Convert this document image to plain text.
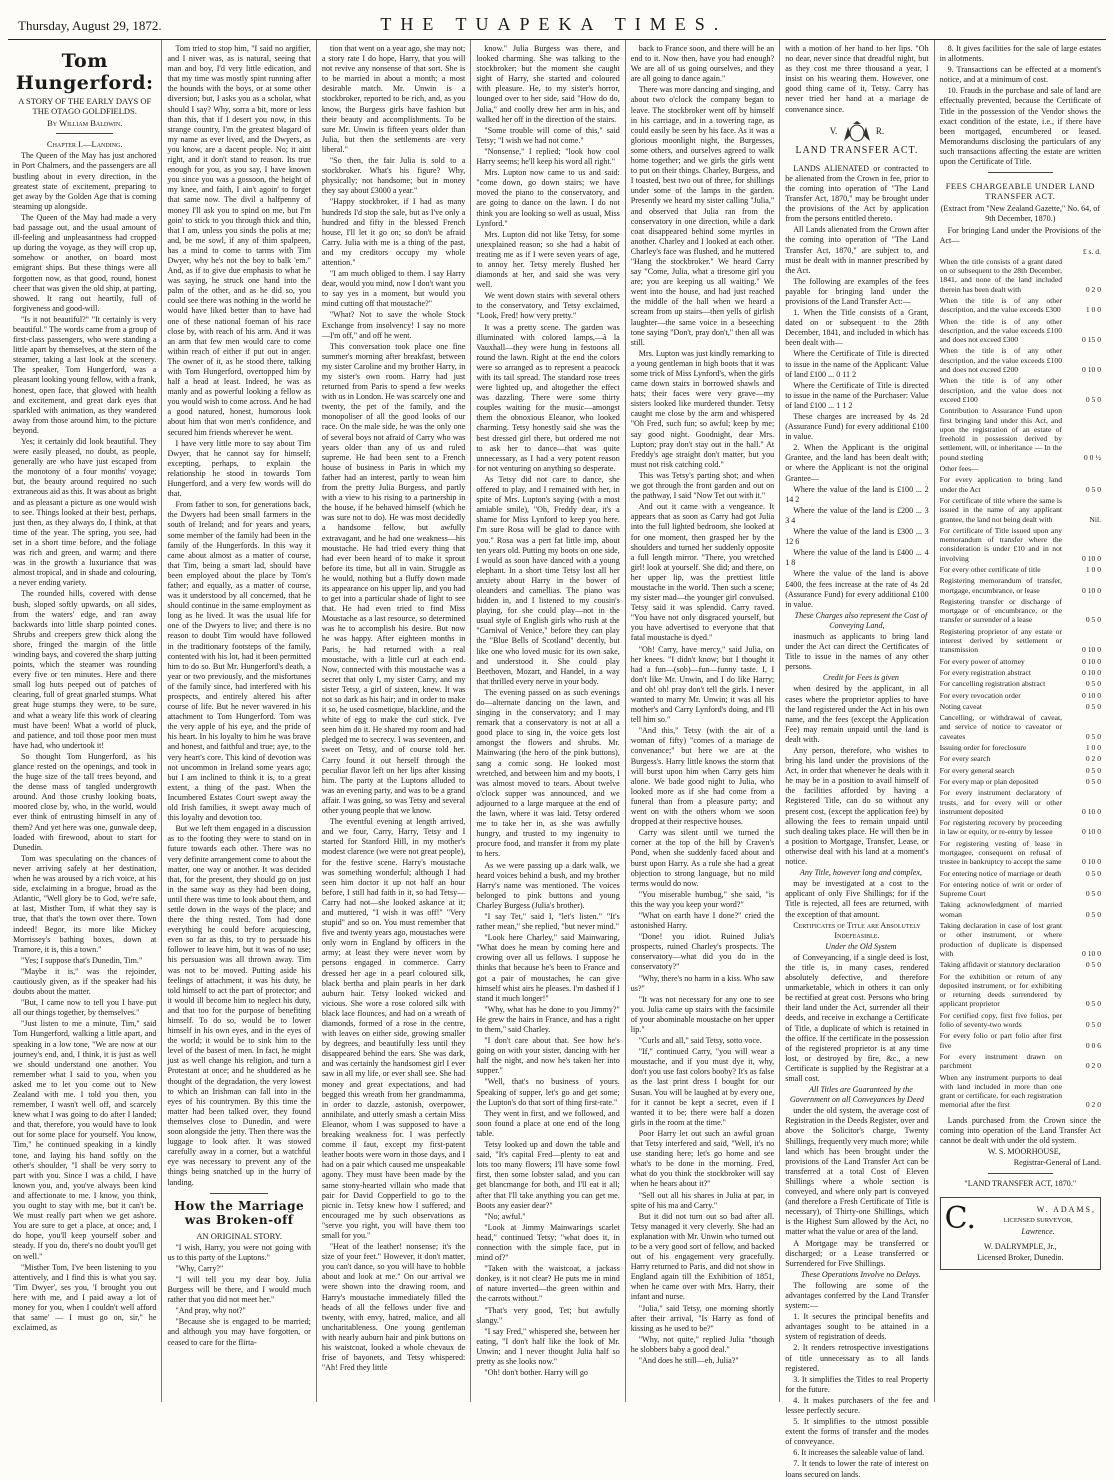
Thursday, August 29, 1872.	THE TUAPEKA TIMES.
Tom Hungerford:
A STORY OF THE EARLY DAYS OF THE OTAGO GOLDFIELDS.
By William Baldwin.
Chapter I.—Landing.

The Queen of the May has just anchored in Port Chalmers, and the passengers are all bustling about in every direction, in the greatest state of excitement, preparing to get away by the Golden Age that is coming steaming up alongside.

The Queen of the May had made a very bad passage out, and the usual amount of ill-feeling and unpleasantness had cropped up during the voyage, as they will crop up, somehow or another, on board most emigrant ships. But these things were all forgotten now, as that good, round, honest cheer that was given the old ship, at parting, showed. It rang out heartily, full of forgiveness and good-will.

"Is it not beautiful?" "It certainly is very beautiful." The words came from a group of first-class passengers, who were standing a little apart by themselves, at the stern of the steamer, taking a last look at the scenery. The speaker, Tom Hungerford, was a pleasant looking young fellow, with a frank, honest, open face, that glowed with health and excitement, and great dark eyes that sparkled with animation, as they wandered away from those around him, to the picture beyond.

Yes; it certainly did look beautiful. They were easily pleased, no doubt, as people, generally are who have just escaped from the monotony of a four months' voyage; but, the beauty around required no such extraneous aid as this. It was about as bright and as pleasant a picture as one would wish to see. Things looked at their best, perhaps, just then, as they always do, I think, at that time of the year. The spring, you see, had set in a short time before, and the foliage was rich and green, and warm; and there was in the growth a luxuriance that was almost tropical, and in shade and colouring, a never ending variety.

The rounded hills, covered with dense bush, sloped softly upwards, on all sides, from the waters' edge, and ran away backwards into little sharp pointed cones. Shrubs and creepers grew thick along the shore, fringed the margin of the little winding bays, and covered the sharp jutting points, which the steamer was rounding every five or ten minutes. Here and there small log huts peeped out of patches of clearing, full of great gnarled stumps. What great huge stumps they were, to be sure, and what a weary life this work of clearing must have been! What a world of pluck, and patience, and toil those poor men must have had, who undertook it!

So thought Tom Hungerford, as his glance rested on the openings, and took in the huge size of the tall trees beyond, and the dense mass of tangled undergrowth around. And those crushy looking boats, moored close by, who, in the world, would ever think of entrusting himself in any of them? And yet here was one, gunwale deep, loaded with firewood, about to start for Dunedin.

Tom was speculating on the chances of never arriving safely at her destination, when he was aroused by a rich voice, at his side, exclaiming in a brogue, broad as the Atlantic, "Well glory be to God, we're safe, at last, Misther Tom, if what they say is true, that that's the town over there. Town indeed! Begor, its more like Mickey Morrissey's bathing boxes, down at Tramore, it is, this a town."

"Yes; I suppose that's Dunedin, Tim."

"Maybe it is," was the rejoinder, cautiously given, as if the speaker had his doubts about the matter.

"But, I came now to tell you I have put all our things together, by themselves."

"Just listen to me a minute, Tim," said Tom Hungerford, walking a little apart, and speaking in a low tone, "We are now at our journey's end, and, I think, it is just as well we should understand one another. You remember what I said to you, when you asked me to let you come out to New Zealand with me. I told you then, you remember, I wasn't well off, and scarcely knew what I was going to do after I landed; and that, therefore, you would have to look out for some place for yourself. You know, Tim," he continued speaking in a kindly tone, and laying his hand softly on the other's shoulder, "I shall be very sorry to part with you. Since I was a child, I have known you, and, you've always been kind and affectionate to me. I know, you think, you ought to stay with me, but it can't be. We must really part when we get ashore. You are sure to get a place, at once; and, I do hope, you'll keep yourself sober and steady. If you do, there's no doubt you'll get on well."

"Misther Tom, I've been listening to you attentively, and I find this is what you say. 'Tim Dwyer', ses you, 'I brought you out here with me, and I paid away a lot of money for you, when I couldn't well afford that same' — I must go on, sir," he exclaimed, as

Tom tried to stop him, "I said no argifier, and I niver was, as is natural, seeing that man and boy, I'd very little edication, and that my time was mostly spint running after the hounds with the boys, or at some other diversion; but, I asks you as a scholar, what should I say? Why, sorra a bit, more or less than this, that if I desert you now, in this strange country, I'm the greatest blagard of my name as ever lived, and the Dwyers, as you know, are a dacent people. No; it aint right, and it don't stand to reason. Its true enough for you, as you say, I have known you since you was a gossoon, the height of my knee, and faith, I ain't agoin' to forget that same now. The divil a halfpenny of money I'll ask you to spind on me, but I'm goin' to stick to you through thick and thin, that I am, unless you sinds the polis at me; and, be me sowl, if any of thim spalpeen, has a mind to come to tarms with Tim Dwyer, why he's not the boy to balk 'em." And, as if to give due emphasis to what he was saying, he struck one hand into the palm of the other, and as he did so, you could see there was nothing in the world he would have liked better than to have had one of these national foeman of his race close by, with reach of his arm. And it was an arm that few men would care to come within reach of either if put out in anger. The owner of it, as he stood there, talking with Tom Hungerford, overtopped him by half a head at least. Indeed, he was as manly and as powerful looking a fellow as you would wish to come across. And he had a good natured, honest, humorous look about him that won men's confidence, and secured him friends wherever he went.

I have very little more to say about Tim Dwyer, that he cannot say for himself; excepting, perhaps, to explain the relationship he stood in towards Tom Hungerford, and a very few words will do that.

From father to son, for generations back, the Dwyers had been small farmers in the south of Ireland; and for years and years, some member of the family had been in the family of the Hungerfords. In this way it came about almost as a matter of course, that Tim, being a smart lad, should have been employed about the place by Tom's father; and equally, as a matter of course, was it understood by all concerned, that he should continue in the same employment as long as he lived. It was the usual life for one of the Dwyers to live; and there is no reason to doubt Tim would have followed in the traditionary footsteps of the family, contented with his lot, had it been permitted him to do so. But Mr. Hungerford's death, a year or two previously, and the misfortunes of the family since, had interfered with his prospects, and entirely altered his after course of life. But he never wavered in his attachment to Tom Hungerford. Tom was the very apple of his eye, and the pride of his heart. In his loyalty to him he was brave and honest, and faithful and true; aye, to the very heart's core. This kind of devotion was not uncommon in Ireland some years ago; but I am inclined to think it is, to a great extent, a thing of the past. When the Incumbered Estates Court swept away the old Irish families, it swept away much of this loyalty and devotion too.

But we left them engaged in a discussion as to the footing they were to stand on in future towards each other. There was no very definite arrangement come to about the matter, one way or another. It was decided that, for the present, they should go on just in the same way as they had been doing, until there was time to look about them, and settle down in the ways of the place; and there the thing rested. Tom had done everything he could before acquiescing, even so far as this, to try to persuade his follower to leave him, but it was of no use; his persuasion was all thrown away. Tim was not to be moved. Putting aside his feelings of attachment, it was his duty, he told himself to act the part of protector; and it would ill become him to neglect his duty, and that too for the purpose of benefiting himself. To do so, would be to lower himself in his own eyes, and in the eyes of the world; it would be to sink him to the level of the basest of men. In fact, he might just as well change his religion, and turn a Protestant at once; and he shuddered as he thought of the degradation, the very lowest to which an Irishman can fall into in the eyes of his countrymen. By this time the matter had been talked over, they found themselves close to Dunedin, and were soon alongside the jetty. Then there was the luggage to look after. It was stowed carefully away in a corner, but a watchful eye was necessary to prevent any of the things being snatched up in the hurry of landing.

How the Marriage was Broken-off
AN ORIGINAL STORY.

"I wish, Harry, you were not going with us to this party of the Luptons."

"Why, Carry?"

"I will tell you my dear boy. Julia Burgess will be there, and I would much rather that you did not meet her."

"And pray, why not?"

"Because she is engaged to be married; and although you may have forgotten, or ceased to care for the flirta-

tion that went on a year ago, she may not; a story rate I do hope, Harry, that you will not revive any nonsense of that sort. She is to be married in about a month; a most desirable match. Mr. Unwin is a stockbroker, reported to be rich, and, as you know, the Burgess girls have fashion but their beauty and accomplishments. To be sure Mr. Unwin is fifteen years older than Julia, but then the settlements are very liberal."

"So then, the fair Julia is sold to a stockbroker. What's his figure? Why, physically; not handsome; but in money they say about £3000 a year."

"Happy stockbroker, if I had as many hundreds I'd stop the sale, but as I've only a hundred and fifty in the blessed French house, I'll let it go on; so don't be afraid Carry. Julia with me is a thing of the past, and my creditors occupy my whole attention."

"I am much obliged to them. I say Harry dear, would you mind, now I don't want you to say yes in a moment, but would you mind cutting off that moustache?"

"What? Not to save the whole Stock Exchange from insolvency! I say no more—I'm off," and off he went.

This conversation took place one fine summer's morning after breakfast, between my sister Caroline and my brother Harry, in my sister's own room. Harry had just returned from Paris to spend a few weeks with us in London. He was scarcely one and twenty, the pet of the family, and the monopoliser of all the good looks of our race. On the male side, he was the only one of several boys not afraid of Carry who was years older than any of us and ruled supreme. He had been sent to a French house of business in Paris in which my father had an interest, partly to wean him from the pretty Julia Burgess, and partly with a view to his rising to a partnership in the house, if he behaved himself (which he was sure not to do). He was most decidedly a handsome fellow, but awfully extravagant, and he had one weakness—his moustache. He had tried every thing that had ever been heard of to make it sprout before its time, but all in vain. Struggle as he would, nothing but a fluffy down made its appearance on his upper lip, and you had to get into a particular shade of light to see that. He had even tried to find Miss Moustache as a last resource, so determined was he to accomplish his desire. But now he was happy. After eighteen months in Paris, he had returned with a real moustache, with a little curl at each end. Now, connected with this moustache was a secret that only I, my sister Carry, and my sister Tetsy, a girl of sixteen, knew. It was not so dark as his hair; and in order to make it so, he used cosmetique, blackline, and the white of egg to make the curl stick. I've seen him do it. He shared my room and had pledged me to secrecy. I was seventeen, and sweet on Tetsy, and of course told her. Carry found it out herself through the peculiar flavor left on her lips after kissing him. The party at the Luptons alluded to was an evening party, and was to be a grand affair. I was going, so was Tetsy and several other young people that we know.

The eventful evening at length arrived, and we four, Carry, Harry, Tetsy and I started for Stanford Hill, in my mother's modest clarence (we were not great people), for the festive scene. Harry's moustache was something wonderful; although I had seen him doctor it up not half an hour before, I still had faith in it, so had Tetsy—Carry had not—she looked askance at it; and muttered, "I wish it was off!" "Very stupid" and so on. You must remember that five and twenty years ago, moustaches were only worn in England by officers in the army; at least they were never worn by persons engaged in commerce. Carry dressed her age in a pearl coloured silk, black bertha and plain pearls in her dark auburn hair. Tetsy looked wicked and vicious. She wore a rose colored silk with black lace flounces, and had on a wreath of diamonds, formed of a rose in the centre, with leaves on either side, growing smaller by degrees, and beautifully less until they disappeared behind the ears. She was dark, and was certainly the handsomest girl I ever saw in all my life, or ever shall see. She had money and great expectations, and had begged this wreath from her grandmamma, in order to dazzle, astonish, overpower, annihilate, and utterly smash a certain Miss Eleanor, whom I was supposed to have a breaking weakness for. I was perfectly comme il faut, except my first-patent leather boots were worn in those days, and I had on a pair which caused me unspeakable agony. They must have been made by the same stony-hearted villain who made that pair for David Copperfield to go to the picnic in. Tetsy knew how I suffered, and encouraged me by such observations as "serve you right, you will have them too small for you."

"Heat of the leather! nonsense; it's the size of your feet." However, it don't matter, you can't dance, so you will have to hobble about and look at me." On our arrival we were shown into the drawing room, and Harry's moustache immediately filled the heads of all the fellows under five and twenty, with envy, hatred, malice, and all uncharitableness. One young gentleman with nearly auburn hair and pink buttons on his waistcoat, looked a whole chevaux de frise of bayonets, and Tetsy whispered: "Ah! Fred they little

know." Julia Burgess was there, and looked charming. She was talking to the stockbroker; but the moment she caught sight of Harry, she started and coloured with pleasure. He, to my sister's horror, lounged over to her side, said "How do do, Julia," and coolly drew her arm in his, and walked her off in the direction of the stairs.

"Some trouble will come of this," said Tetsy; "I wish we had not come."

"Nonsense," I replied; "look how cool Harry seems; he'll keep his word all right."

Mrs. Lupton now came to us and said: "come down, go down stairs; we have moved the piano to the conservatory, and are going to dance on the lawn. I do not think you are looking so well as usual, Miss Lynford."

Mrs. Lupton did not like Tetsy, for some unexplained reason; so she had a habit of treating me as if I were seven years of age, to annoy her. Tetsy merely flushed her diamonds at her, and said she was very well.

We went down stairs with several others to the conservatory, and Tetsy exclaimed, "Look, Fred! how very pretty."

It was a pretty scene. The garden was illuminated with colored lamps,—à la Vauxhall—they were hung in festoons all round the lawn. Right at the end the colors were so arranged as to represent a peacock with its tail spread. The standard rose trees were lighted up, and altogether the effect was dazzling. There were some thirty couples waiting for the music—amongst them the obnoxious Eleanor, who looked charming. Tetsy honestly said she was the best dressed girl there, but ordered me not to ask her to dance—that was quite unnecessary, as I had a very potent reason for not venturing on anything so desperate.

As Tetsy did not care to dance, she offered to play, and I remained with her, in spite of Mrs. Lupton's saying (with a most amiable smile), "Oh, Freddy dear, it's a shame for Miss Lynford to keep you here. I'm sure Rosa will be glad to dance with you." Rosa was a pert fat little imp, about ten years old. Putting my boots on one side, I would as soon have danced with a young elephant. In a short time Tetsy lost all her anxiety about Harry in the bower of oleanders and camellias. The piano was hidden in, and I listened to my cousin's playing, for she could play—not in the usual style of English girls who rush at the "Carnival of Venice," before they can play the "Blue Bells of Scotland" decently, but like one who loved music for its own sake, and understood it. She could play Beethoven, Mozart, and Handel, in a way that thrilled every nerve in your body.

The evening passed on as such evenings do—alternate dancing on the lawn, and singing in the conservatory; and I may remark that a conservatory is not at all a good place to sing in, the voice gets lost amongst the flowers and shrubs. Mr. Mainwaring (the hero of the pink buttons), sang a comic song. He looked most wretched, and between him and my boots, I was almost moved to tears. About twelve o'clock supper was announced, and we adjourned to a large marquee at the end of the lawn, where it was laid. Tetsy ordered me to take her in, as she was awfully hungry, and trusted to my ingenuity to procure food, and transfer it from my plate to hers.

As we were passing up a dark walk, we heard voices behind a bush, and my brother Harry's name was mentioned. The voices belonged to pink buttons and young Charley Burgess (Julia's brother).

"I say Tet," said I, "let's listen." "It's rather mean," she replied, "but never mind."

"Look here Charley," said Mainwaring, "What does he mean by coming here and crowing over all us fellows. I suppose he thinks that because he's been to France and got a pair of moustaches, he can give himself whist airs he pleases. I'm dashed if I stand it much longer!"

"Why, what has he done to you Jimmy?" He grew the hairs in France, and has a right to them," said Charley.

"I don't care about that. See how he's going on with your sister, dancing with her half the night, and now he's taken her into supper."

"Well, that's no business of yours. Speaking of supper, let's go and get some; the Lupton's do that sort of thing first-rate."

They went in first, and we followed, and soon found a place at one end of the long table.

Tetsy looked up and down the table and said, "It's capital Fred—plenty to eat and lots too many flowers; I'll have some fowl first, then some lobster salad, and you can get blancmange for both, and I'll eat it all; after that I'll take anything you can get me. Boots any easier dear?"

"No; awful."

"Look at Jimmy Mainwarings scarlet head," continued Tetsy; "what does it, in connection with the simple face, put in mind of?"

"Taken with the waistcoat, a jackass donkey, is it not clear? He puts me in mind of nature inverted—the green within and the carrots without."

"That's very good, Tet; but awfully slangy."

"I say Fred," whispered she, between her eating, "I don't half like the look of Mr. Unwin; and I never thought Julia half so pretty as she looks now."

"Oh! don't bother. Harry will go

back to France soon, and there will be an end to it. Now then, have you had enough? We are all of us going ourselves, and they are all going to dance again."

There was more dancing and singing, and about two o'clock the company began to leave. The stockbroker went off by himself in his carriage, and in a towering rage, as could easily be seen by his face. As it was a glorious moonlight night, the Burgesses, some others, and ourselves agreed to walk home together; and we girls the girls went to put on their things. Charley, Burgess, and I toasted, best two out of three, for shillings under some of the lamps in the garden. Presently we heard my sister calling "Julia," and observed that Julia ran from the conservatory in one direction, while a dark coat disappeared behind some myrtles in another. Charley and I looked at each other. Charley's face was flushed, and he muttered "Hang the stockbroker." We heard Carry say "Come, Julia, what a tiresome girl you are; you are keeping us all waiting." We went into the house, and had just reached the middle of the hall when we heard a scream from up stairs—then yells of girlish laughter—the same voice in a beseeching tone saying "Don't, pray don't," then all was still.

Mrs. Lupton was just kindly remarking to a young gentleman in high boots that it was some trick of Miss Lynford's, when the girls came down stairs in borrowed shawls and hats; their faces were very grave—my sisters looked like murdered thunder. Tetsy caught me close by the arm and whispered "Oh Fred, such fun; so awful; keep by me; say good night. Goodnight, dear Mrs. Lupton; pray don't stay out in the hall." At Freddy's age straight don't matter, but you must not risk catching cold."

This was Tetsy's parting shot; and when we got through the front garden and out on the pathway, I said "Now Tet out with it."

And out it came with a vengeance. It appears that as soon as Carry had got Julia into the full lighted bedroom, she looked at for one moment, then grasped her by the shoulders and turned her suddenly opposite a full length mirror. "There, you wretched girl! look at yourself. She did; and there, on her upper lip, was the prettiest little moustache in the world. Then such a scene; my sister mad—the younger girl convulsed. Tetsy said it was splendid. Carry raved. "You have not only disgraced yourself, but you have advertised to everyone that that fatal moustache is dyed."

"Oh! Carry, have mercy," said Julia, on her knees. "I didn't know; but I thought it had a fun—(sob)—fun—funny taste. I, I don't like Mr. Unwin, and I do like Harry; and oh! oh! pray don't tell the girls. I never wanted to marry Mr. Unwin; it was all his mother's and Carry Lynford's doing, and I'll tell him so."

"And this," Tetsy (with the air of a woman of fifty) "comes of a mariage de convenance;" but here we are at the Burgess's. Harry little knows the storm that will burst upon him when Carry gets him alone. We bade good night to Julia, who looked more as if she had come from a funeral than from a pleasure party; and went on with the others whom we soon dropped at their respective houses.

Carry was silent until we turned the corner at the top of the hill by Craven's Pond, when she suddenly faced about and burst upon Harry. As a rule she had a great objection to strong language, but no mild terms would do now.

"You miserable humbug," she said, "is this the way you keep your word?"

"What on earth have I done?" cried the astonished Harry.

"Done! you idiot. Ruined Julia's prospects, ruined Charley's prospects. The conservatory—what did you do in the conservatory?"

"Why, there's no harm in a kiss. Who saw us?"

"It was not necessary for any one to see you. Julia came up stairs with the facsimile of your abominable moustache on her upper lip."

"Curls and all," said Tetsy, sotto voce.

"If," continued Carry, "you will wear a moustache, and if you must dye it, why, don't you use fast colors booby? It's as false as the last print dress I bought for our Susan. You will be laughed at by every one, for it cannot be kept a secret, even if I wanted it to be; there were half a dozen girls in the room at the time."

Poor Harry let out such an awful groan that Tetsy interfered and said, "Well, it's no use standing here; let's go home and see what's to be done in the morning. Fred, what do you think the stockbroker will say when he hears about it?"

"Sell out all his shares in Julia at par, in spite of his ma and Carry."

But it did not turn out so bad after all. Tetsy managed it very cleverly. She had an explanation with Mr. Unwin who turned out to be a very good sort of fellow, and backed out of his engagement very gracefully. Harry returned to Paris, and did not show in England again till the Exhibition of 1851, when he came over with Mrs. Harry, their infant and nurse.

"Julia," said Tetsy, one morning shortly after their arrival, "Is Harry as fond of kissing as he used to be?"

"Why, not quite," replied Julia "though he slobbers baby a good deal."

"And does he still—eh, Julia?"

with a motion of her hand to her lips. "Oh no dear, never since that dreadful night, but as they cost me three thousand a year, I insist on his wearing them. However, one good thing came of it, Tetsy. Carry has never tried her hand at a mariage de convenance since.

V.	R.
LAND TRANSFER ACT.

LANDS ALIENATED or contracted to be alienated from the Crown in fee, prior to the coming into operation of "The Land Transfer Act, 1870," may be brought under the provisions of the Act by application from the persons entitled thereto.

All Lands alienated from the Crown after the coming into operation of "The Land Transfer Act, 1870," are subject to, and must be dealt with in manner prescribed by the Act.

The following are examples of the fees payable for bringing land under the provisions of the Land Transfer Act:—

1. When the Title consists of a Grant, dated on or subsequent to the 28th December, 1841, and included in which has been dealt with—

Where the Certificate of Title is directed to issue in the name of the Applicant: Value of land £100 ... 0 11 2

Where the Certificate of Title is directed to issue in the name of the Purchaser: Value of land £100 ... 1 1 2

These charges are increased by 4s 2d (Assurance Fund) for every additional £100 in value.

2. When the Applicant is the original Grantee, and the land has been dealt with; or where the Applicant is not the original Grantee—

Where the value of the land is £100 ... 2 14 2

Where the value of the land is £200 ... 3 3 4

Where the value of the land is £300 ... 3 12 6

Where the value of the land is £400 ... 4 1 8

Where the value of the land is above £400, the fees increase at the rate of 4s 2d (Assurance Fund) for every additional £100 in value.

These Charges also represent the Cost of Conveying Land,

inasmuch as applicants to bring land under the Act can direct the Certificates of Title to issue in the names of any other persons.

Credit for Fees is given

when desired by the applicant, in all cases where the proprietor applies to have the land registered under the Act in his own name, and the fees (except the Application Fee) may remain unpaid until the land is dealt with.

Any person, therefore, who wishes to bring his land under the provisions of the Act, in order that whenever he deals with it he may be in a position to avail himself of the facilities afforded by having a Registered Title, can do so without any present cost, (except the application fee) by allowing the fees to remain unpaid until such dealing takes place. He will then be in a position to Mortgage, Transfer, Lease, or otherwise deal with his land at a moment's notice.

Any Title, however long and complex,

may be investigated at a cost to the applicant of only Five Shillings; for if the Title is rejected, all fees are returned, with the exception of that amount.

Certificates of Title are Absolutely Indefeasible.

Under the Old System

of Conveyancing, if a single deed is lost, the title is, in many cases, rendered absolutely defective, and therefore unmarketable, which in others it can only be rectified at great cost. Persons who bring their land under the Act, surrender all their deeds, and receive in exchange a Certificate of Title, a duplicate of which is retained in the office. If the certificate in the possession of the registered proprietor is at any time lost, or destroyed by fire, &c., a new Certificate is supplied by the Registrar at a small cost.

All Titles are Guaranteed by the Government on all Conveyances by Deed

under the old system, the average cost of Registration in the Deeds Register, over and above the Solicitor's charge, Twenty Shillings, frequently very much more; while land which has been brought under the provisions of the Land Transfer Act can be transferred at a total Cost of Eleven Shillings where a whole section is conveyed, and where only part is conveyed (and therefore a Fresh Certificate of Title is necessary), of Thirty-one Shillings, which is the Highest Sum allowed by the Act, no matter what the value or area of the land.

A Mortgage may be transferred or discharged; or a Lease transferred or Surrendered for Five Shillings.

These Operations Involve no Delays.

The following are some of the advantages conferred by the Land Transfer system:—

1. It secures the principal benefits and advantages sought to be attained in a system of registration of deeds.

2. It renders retrospective investigations of title unnecessary as to all lands registered.

3. It simplifies the Titles to real Property for the future.

4. It makes purchasers of the fee and lessee perfectly secure.

5. It simplifies to the utmost possible extent the forms of transfer and the modes of conveyance.

6. It increases the saleable value of land.

7. It tends to lower the rate of interest on loans secured on lands.

8. It gives facilities for the sale of large estates in allotments.

9. Transactions can be effected at a moment's notice, and at a minimum of cost.

10. Frauds in the purchase and sale of land are effectually prevented, because the Certificate of Title in the possession of the Vendor shows the exact condition of the estate, i.e., if there have been mortgaged, encumbered or leased. Memorandums disclosing the particulars of any such transactions affecting the estate are written upon the Certificate of Title.

FEES CHARGEABLE UNDER LAND TRANSFER ACT.

(Extract from "New Zealand Gazette," No. 64, of 9th December, 1870.)

For bringing Land under the Provisions of the Act—

£ s. d.
When the title consists of a grant dated on or subsequent to the 28th December, 1841, and none of the land included therein has been dealt with	0 2 0
When the title is of any other description, and the value exceeds £300	1 0 0
When the title is of any other description, and the value exceeds £100 and does not exceed £300	0 15 0
When the title is of any other description, and the value exceeds £100 and does not exceed £200	0 10 0
When the title is of any other description, and the value does not exceed £100	0 5 0
Contribution to Assurance Fund upon first bringing land under this Act, and upon the registration of an estate of freehold in possession derived by settlement, will, or inheritance — In the pound sterling	0 0 ½
Other fees—	
For every application to bring land under the Act	0 5 0
For certificate of title where the same is issued in the name of any applicant grantee, the land not being dealt with	Nil.
For certificate of Title issued upon any memorandum of transfer where the consideration is under £10 and in not involving	0 10 0
For every other certificate of title	1 0 0
Registering memorandum of transfer, mortgage, encumbrance, or lease	0 10 0
Registering transfer or discharge of mortgage or of encumbrance, or the transfer or surrender of a lease	0 5 0
Registering proprietor of any estate or interest derived by settlement or transmission	0 10 0
For every power of attorney	0 10 0
For every registration abstract	0 10 0
For cancelling registration abstract	0 5 0
For every revocation order	0 10 0
Noting caveat	0 5 0
Cancelling, or withdrawal of caveat, and service of notice to caveator or caveates	0 5 0
Issuing order for foreclosure	1 0 0
For every search	0 2 0
For every general search	0 5 0
For every map or plan deposited	0 5 0
For every instrument declaratory of trusts, and for every will or other instrument deposited	0 10 0
For registering recovery by proceeding in law or equity, or re-entry by lessee	0 10 0
For registering vesting of lease in mortgagee, consequent on refusal of trustee in bankruptcy to accept the same	0 10 0
For entering notice of marriage or death	0 5 0
For entering notice of writ or order of Supreme Court	0 5 0
Taking acknowledgment of married woman	0 5 0
Taking declaration in case of lost grant or other instrument, or where production of duplicate is dispensed with	0 10 0
Taking affidavit or statutory declaration	0 5 0
For the exhibition or return of any deposited instrument, or for exhibiting or returning deeds surrendered by applicant proprietor	0 5 0
For certified copy, first five folios, per folio of seventy-two words	0 5 0
For every folio or part folio after first five	0 0 6
For every instrument drawn on parchment	0 2 0
When any instrument purports to deal with land included in more than one grant or certificate, for each registration memorial after the first	0 2 0

Lands purchased from the Crown since the coming into operation of the Land Transfer Act cannot be dealt with under the old system.

W. S. MOORHOUSE,

Registrar-General of Land.

"LAND TRANSFER ACT, 1870."

C.	W. ADAMS,
LICENSED SURVEYOR,
Lawrence.
W. DALRYMPLE, Jr.,
Licensed Broker, Dunedin.
